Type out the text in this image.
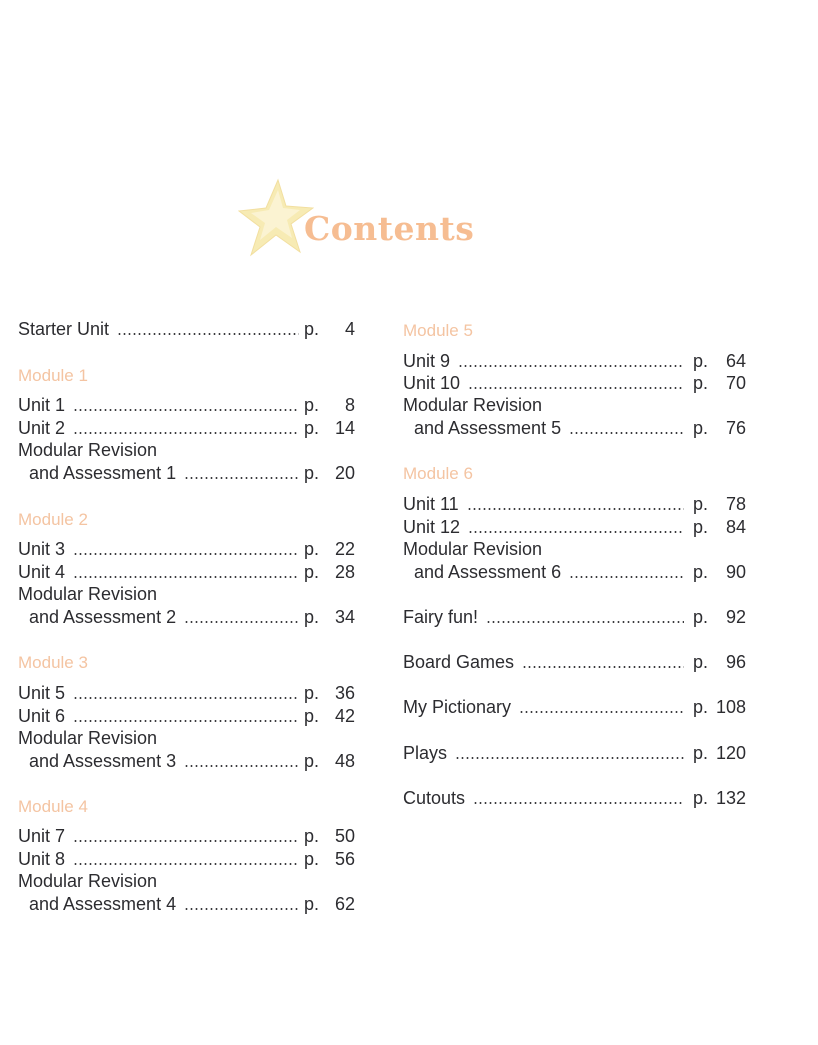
Contents
Starter Unit	p. 4
Module 1
Unit 1	p. 8
Unit 2	p. 14
Modular Revision
and Assessment 1	p. 20
Module 2
Unit 3	p. 22
Unit 4	p. 28
Modular Revision
and Assessment 2	p. 34
Module 3
Unit 5	p. 36
Unit 6	p. 42
Modular Revision
and Assessment 3	p. 48
Module 4
Unit 7	p. 50
Unit 8	p. 56
Modular Revision
and Assessment 4	p. 62
Module 5
Unit 9	p. 64
Unit 10	p. 70
Modular Revision
and Assessment 5	p. 76
Module 6
Unit 11	p. 78
Unit 12	p. 84
Modular Revision
and Assessment 6	p. 90
Fairy fun!	p. 92
Board Games	p. 96
My Pictionary	p. 108
Plays	p. 120
Cutouts	p. 132
